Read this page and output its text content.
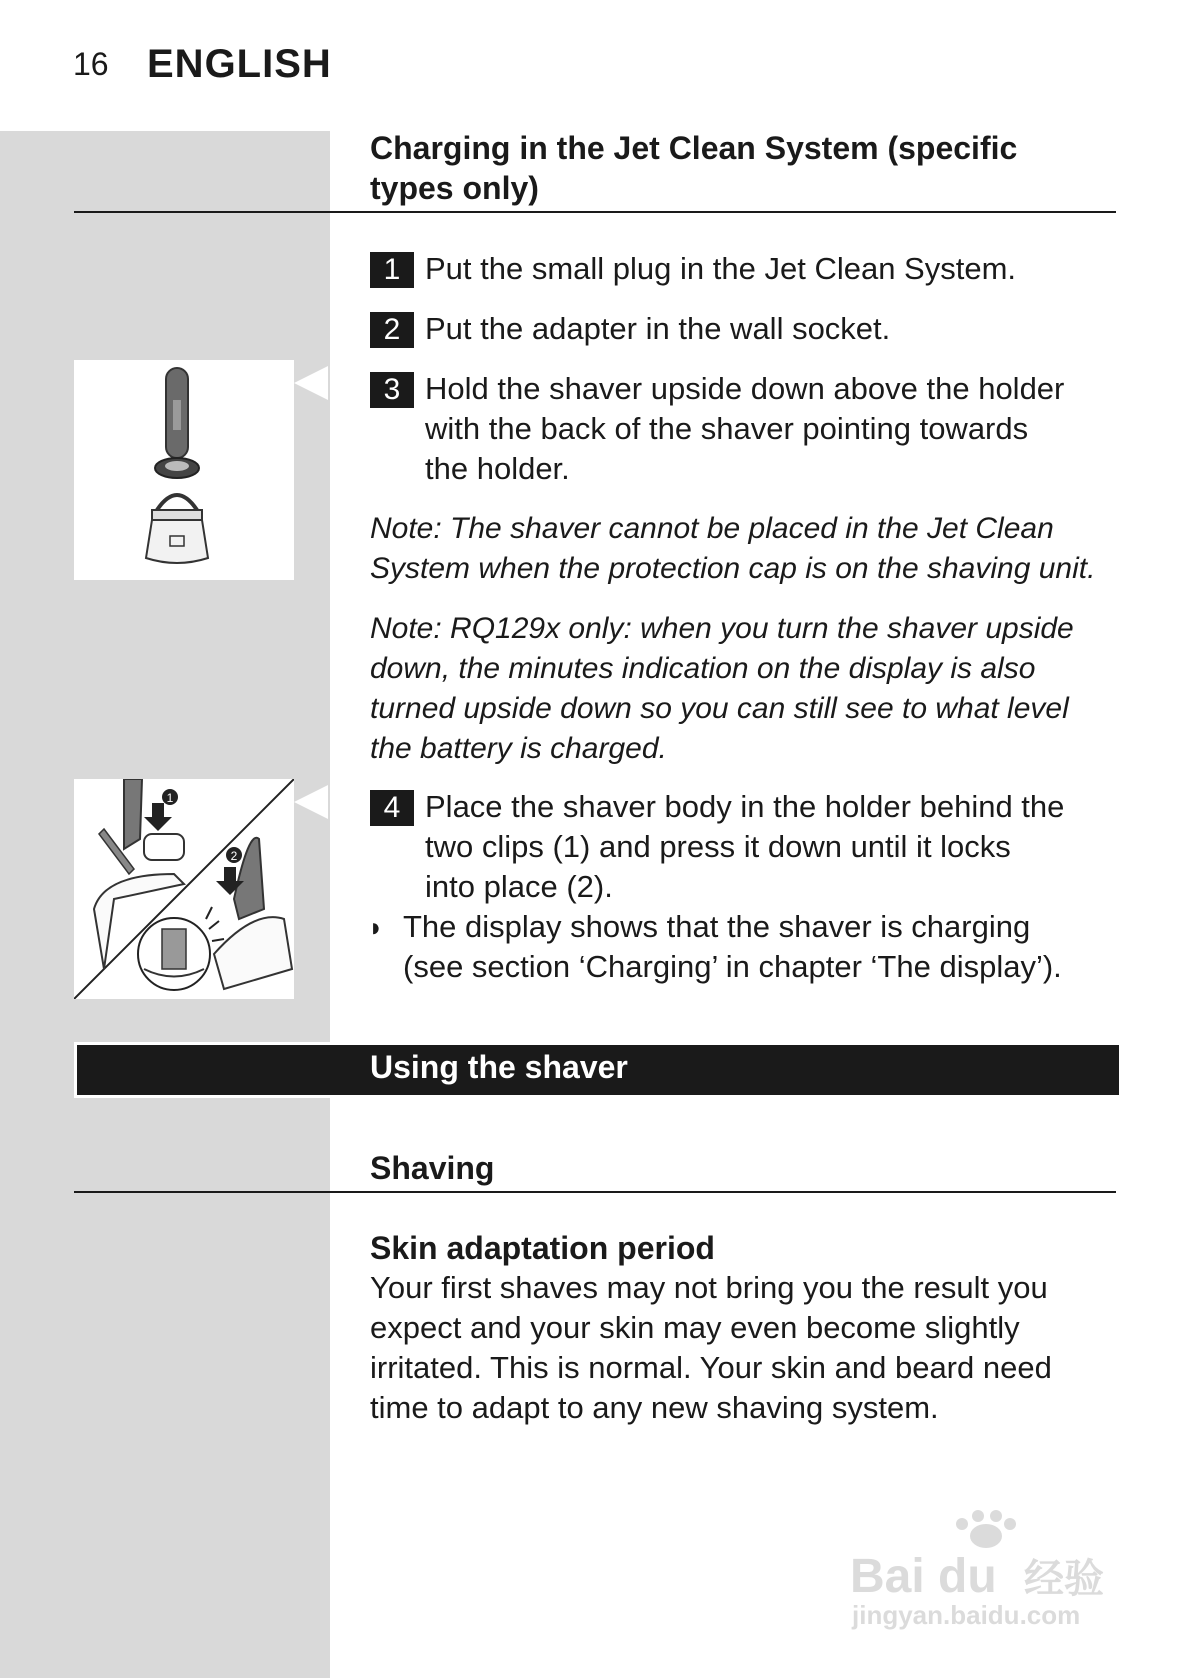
16 ENGLISH
Charging in the Jet Clean System (specific
types only)
1 Put the small plug in the Jet Clean System.
2 Put the adapter in the wall socket.
3 Hold the shaver upside down above the holder
with the back of the shaver pointing towards
the holder.
Note: The shaver cannot be placed in the Jet Clean
System when the protection cap is on the shaving unit.
Note: RQ129x only: when you turn the shaver upside
down, the minutes indication on the display is also
turned upside down so you can still see to what level
the battery is charged.
1
2
4 Place the shaver body in the holder behind the
two clips (1) and press it down until it locks
into place (2).
◗ The display shows that the shaver is charging
(see section ‘Charging’ in chapter ‘The display’).
Using the shaver
Shaving
Skin adaptation period
Your first shaves may not bring you the result you
expect and your skin may even become slightly
irritated. This is normal. Your skin and beard need
time to adapt to any new shaving system.
Bai du 经验
jingyan.baidu.com
